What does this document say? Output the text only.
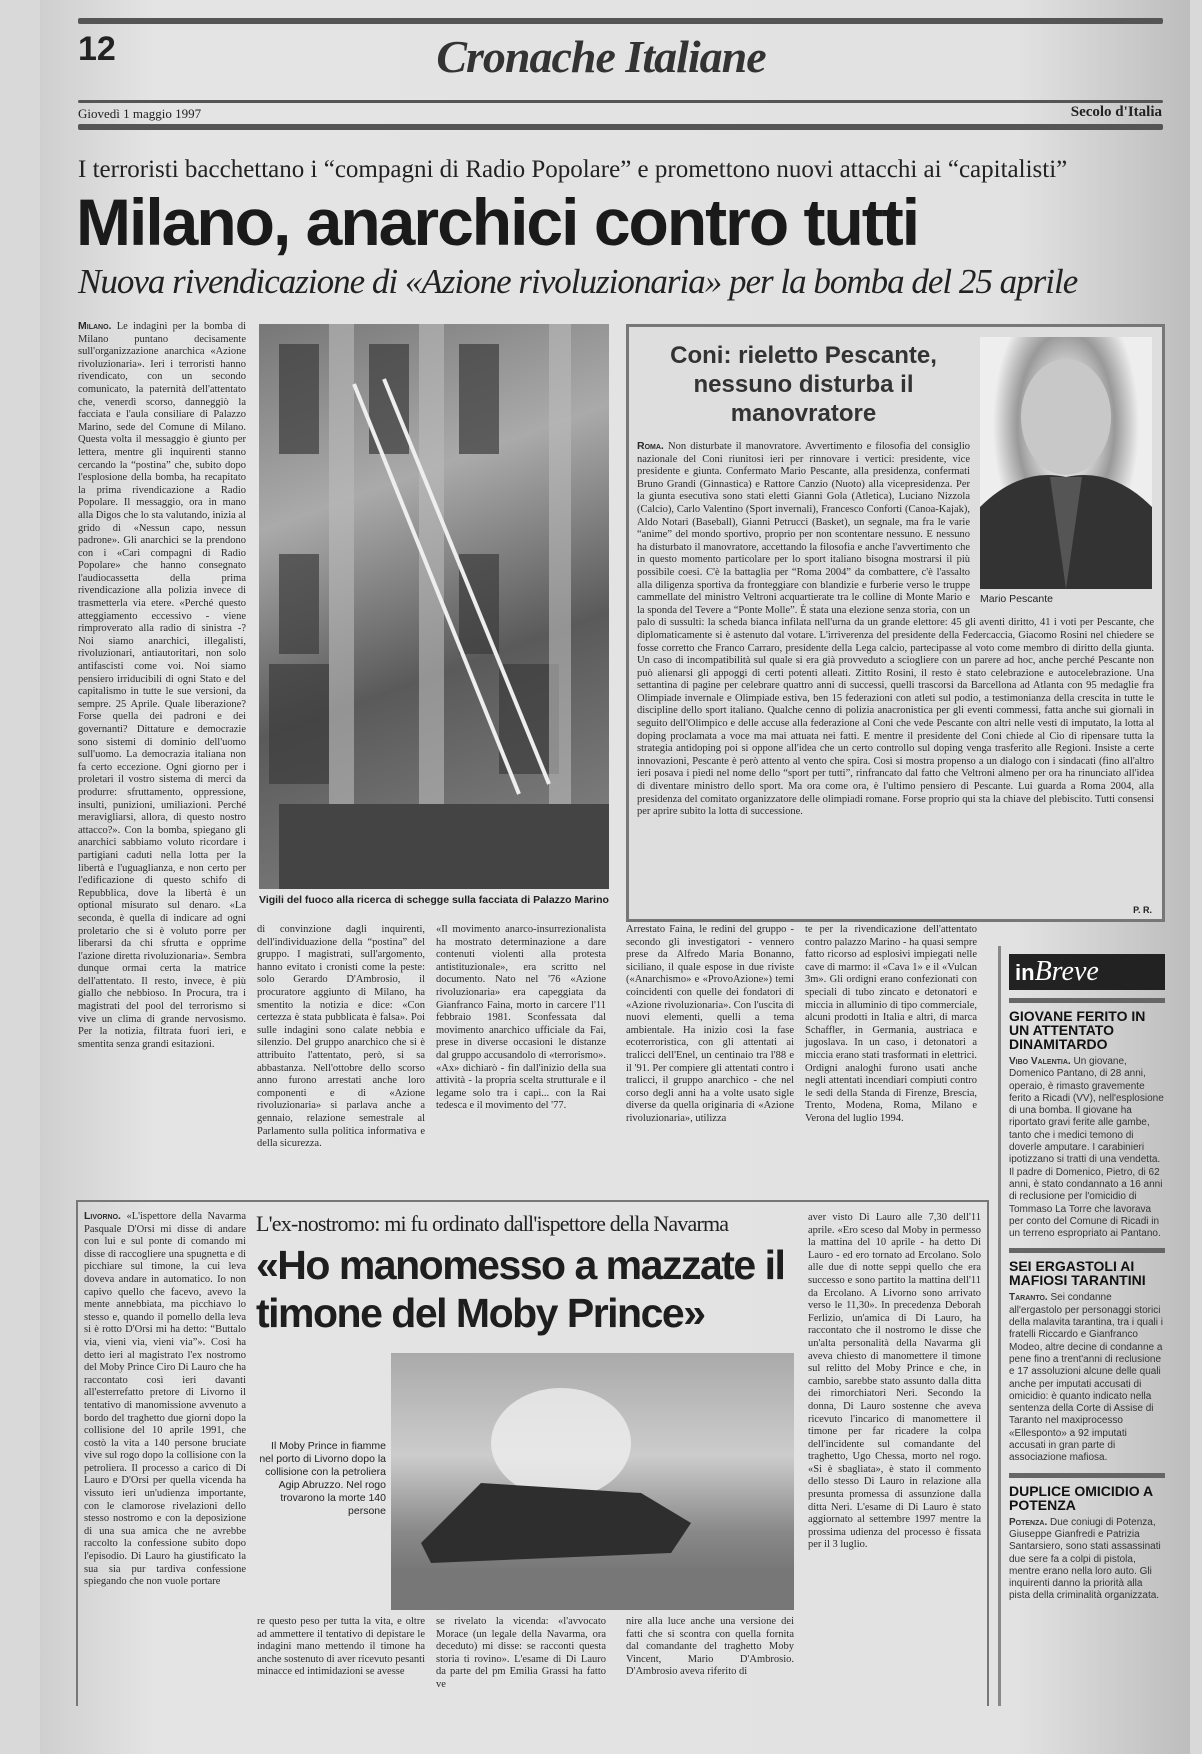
12	Cronache Italiane
Giovedì 1 maggio 1997	Secolo d'Italia
I terroristi bacchettano i “compagni di Radio Popolare” e promettono nuovi attacchi ai “capitalisti”
Milano, anarchici contro tutti
Nuova rivendicazione di «Azione rivoluzionaria» per la bomba del 25 aprile
Milano. Le indagini per la bomba di Milano puntano decisamente sull'organizzazione anarchica «Azione rivoluzionaria». Ieri i terroristi hanno rivendicato, con un secondo comunicato, la paternità dell'attentato che, venerdì scorso, danneggiò la facciata e l'aula consiliare di Palazzo Marino, sede del Comune di Milano. Questa volta il messaggio è giunto per lettera, mentre gli inquirenti stanno cercando la “postina” che, subito dopo l'esplosione della bomba, ha recapitato la prima rivendicazione a Radio Popolare. Il messaggio, ora in mano alla Digos che lo sta valutando, inizia al grido di «Nessun capo, nessun padrone». Gli anarchici se la prendono con i «Cari compagni di Radio Popolare» che hanno consegnato l'audiocassetta della prima rivendicazione alla polizia invece di trasmetterla via etere. «Perché questo atteggiamento eccessivo - viene rimproverato alla radio di sinistra -? Noi siamo anarchici, illegalisti, rivoluzionari, antiautoritari, non solo antifascisti come voi. Noi siamo pensiero irriducibili di ogni Stato e del capitalismo in tutte le sue versioni, da sempre. 25 Aprile. Quale liberazione? Forse quella dei padroni e dei governanti? Dittature e democrazie sono sistemi di dominio dell'uomo sull'uomo. La democrazia italiana non fa certo eccezione. Ogni giorno per i proletari il vostro sistema di merci da produrre: sfruttamento, oppressione, insulti, punizioni, umiliazioni. Perché meravigliarsi, allora, di questo nostro attacco?». Con la bomba, spiegano gli anarchici sabbiamo voluto ricordare i partigiani caduti nella lotta per la libertà e l'uguaglianza, e non certo per l'edificazione di questo schifo di Repubblica, dove la libertà è un optional misurato sul denaro. «La seconda, è quella di indicare ad ogni proletario che si è voluto porre per liberarsi da chi sfrutta e opprime l'azione diretta rivoluzionaria». Sembra dunque ormai certa la matrice dell'attentato. Il resto, invece, è più giallo che nebbioso. In Procura, tra i magistrati del pool del terrorismo si vive un clima di grande nervosismo. Per la notizia, filtrata fuori ieri, e smentita senza grandi esitazioni.
Vigili del fuoco alla ricerca di schegge sulla facciata di Palazzo Marino
di convinzione dagli inquirenti, dell'individuazione della “postina” del gruppo. I magistrati, sull'argomento, hanno evitato i cronisti come la peste: solo Gerardo D'Ambrosio, il procuratore aggiunto di Milano, ha smentito la notizia e dice: «Con certezza è stata pubblicata è falsa». Poi sulle indagini sono calate nebbia e silenzio. Del gruppo anarchico che si è attribuito l'attentato, però, si sa abbastanza. Nell'ottobre dello scorso anno furono arrestati anche loro componenti e di «Azione rivoluzionaria» si parlava anche a gennaio, relazione semestrale al Parlamento sulla politica informativa e della sicurezza.
«Il movimento anarco-insurrezionalista ha mostrato determinazione a dare contenuti violenti alla protesta antistituzionale», era scritto nel documento. Nato nel '76 «Azione rivoluzionaria» era capeggiata da Gianfranco Faina, morto in carcere l'11 febbraio 1981. Sconfessata dal movimento anarchico ufficiale da Fai, prese in diverse occasioni le distanze dal gruppo accusandolo di «terrorismo». «Ax» dichiarò - fin dall'inizio della sua attività - la propria scelta strutturale e il legame solo tra i capi... con la Rai tedesca e il movimento del '77.
Arrestato Faina, le redini del gruppo - secondo gli investigatori - vennero prese da Alfredo Maria Bonanno, siciliano, il quale espose in due riviste («Anarchismo» e «ProvoAzione») temi coincidenti con quelle dei fondatori di «Azione rivoluzionaria». Con l'uscita di nuovi elementi, quelli a tema ambientale. Ha inizio così la fase ecoterroristica, con gli attentati ai tralicci dell'Enel, un centinaio tra l'88 e il '91. Per compiere gli attentati contro i tralicci, il gruppo anarchico - che nel corso degli anni ha a volte usato sigle diverse da quella originaria di «Azione rivoluzionaria», utilizza
te per la rivendicazione dell'attentato contro palazzo Marino - ha quasi sempre fatto ricorso ad esplosivi impiegati nelle cave di marmo: il «Cava 1» e il «Vulcan 3m». Gli ordigni erano confezionati con speciali di tubo zincato e detonatori e miccia in alluminio di tipo commerciale, alcuni prodotti in Italia e altri, di marca Schaffler, in Germania, austriaca e jugoslava. In un caso, i detonatori a miccia erano stati trasformati in elettrici. Ordigni analoghi furono usati anche negli attentati incendiari compiuti contro le sedi della Standa di Firenze, Brescia, Trento, Modena, Roma, Milano e Verona del luglio 1994.
Mario Pescante
Coni: rieletto Pescante, nessuno disturba il manovratore
Roma. Non disturbate il manovratore. Avvertimento e filosofia del consiglio nazionale del Coni riunitosi ieri per rinnovare i vertici: presidente, vice presidente e giunta. Confermato Mario Pescante, alla presidenza, confermati Bruno Grandi (Ginnastica) e Rattore Canzio (Nuoto) alla vicepresidenza. Per la giunta esecutiva sono stati eletti Gianni Gola (Atletica), Luciano Nizzola (Calcio), Carlo Valentino (Sport invernali), Francesco Conforti (Canoa-Kajak), Aldo Notari (Baseball), Gianni Petrucci (Basket), un segnale, ma fra le varie “anime” del mondo sportivo, proprio per non scontentare nessuno. E nessuno ha disturbato il manovratore, accettando la filosofia e anche l'avvertimento che in questo momento particolare per lo sport italiano bisogna mostrarsi il più possibile coesi. C'è la battaglia per “Roma 2004” da combattere, c'è l'assalto alla diligenza sportiva da fronteggiare con blandizie e furberie verso le truppe cammellate del ministro Veltroni acquartierate tra le colline di Monte Mario e la sponda del Tevere a “Ponte Molle”. È stata una elezione senza storia, con un palo di sussulti: la scheda bianca infilata nell'urna da un grande elettore: 45 gli aventi diritto, 41 i voti per Pescante, che diplomaticamente si è astenuto dal votare. L'irriverenza del presidente della Federcaccia, Giacomo Rosini nel chiedere se fosse corretto che Franco Carraro, presidente della Lega calcio, partecipasse al voto come membro di diritto della giunta. Un caso di incompatibilità sul quale si era già provveduto a sciogliere con un parere ad hoc, anche perché Pescante non può alienarsi gli appoggi di certi potenti alleati. Zittito Rosini, il resto è stato celebrazione e autocelebrazione. Una settantina di pagine per celebrare quattro anni di successi, quelli trascorsi da Barcellona ad Atlanta con 95 medaglie fra Olimpiade invernale e Olimpiade estiva, ben 15 federazioni con atleti sul podio, a testimonianza della crescita in tutte le discipline dello sport italiano. Qualche cenno di polizia anacronistica per gli eventi commessi, fatta anche sui giornali in seguito dell'Olimpico e delle accuse alla federazione al Coni che vede Pescante con altri nelle vesti di imputato, la lotta al doping proclamata a voce ma mai attuata nei fatti. E mentre il presidente del Coni chiede al Cio di ripensare tutta la strategia antidoping poi si oppone all'idea che un certo controllo sul doping venga trasferito alle Regioni. Insiste a certe innovazioni, Pescante è però attento al vento che spira. Così si mostra propenso a un dialogo con i sindacati (fino all'altro ieri posava i piedi nel nome dello “sport per tutti”, rinfrancato dal fatto che Veltroni almeno per ora ha rinunciato all'idea di diventare ministro dello sport. Ma ora come ora, è l'ultimo pensiero di Pescante. Lui guarda a Roma 2004, alla presidenza del comitato organizzatore delle olimpiadi romane. Forse proprio qui sta la chiave del plebiscito. Tutti consensi per aprire subito la lotta di successione.
P. R.
inBreve
GIOVANE FERITO IN UN ATTENTATO DINAMITARDO
Vibo Valentia. Un giovane, Domenico Pantano, di 28 anni, operaio, è rimasto gravemente ferito a Ricadi (VV), nell'esplosione di una bomba. Il giovane ha riportato gravi ferite alle gambe, tanto che i medici temono di doverle amputare. I carabinieri ipotizzano si tratti di una vendetta. Il padre di Domenico, Pietro, di 62 anni, è stato condannato a 16 anni di reclusione per l'omicidio di Tommaso La Torre che lavorava per conto del Comune di Ricadi in un terreno espropriato ai Pantano.
SEI ERGASTOLI AI MAFIOSI TARANTINI
Taranto. Sei condanne all'ergastolo per personaggi storici della malavita tarantina, tra i quali i fratelli Riccardo e Gianfranco Modeo, altre decine di condanne a pene fino a trent'anni di reclusione e 17 assoluzioni alcune delle quali anche per imputati accusati di omicidio: è quanto indicato nella sentenza della Corte di Assise di Taranto nel maxiprocesso «Ellesponto» a 92 imputati accusati in gran parte di associazione mafiosa.
DUPLICE OMICIDIO A POTENZA
Potenza. Due coniugi di Potenza, Giuseppe Gianfredi e Patrizia Santarsiero, sono stati assassinati due sere fa a colpi di pistola, mentre erano nella loro auto. Gli inquirenti danno la priorità alla pista della criminalità organizzata.
Livorno. «L'ispettore della Navarma Pasquale D'Orsi mi disse di andare con lui e sul ponte di comando mi disse di raccogliere una spugnetta e di picchiare sul timone, la cui leva doveva andare in automatico. Io non capivo quello che facevo, avevo la mente annebbiata, ma picchiavo lo stesso e, quando il pomello della leva si è rotto D'Orsi mi ha detto: “Buttalo via, vieni via, vieni via”». Così ha detto ieri al magistrato l'ex nostromo del Moby Prince Ciro Di Lauro che ha raccontato così ieri davanti all'esterrefatto pretore di Livorno il tentativo di manomissione avvenuto a bordo del traghetto due giorni dopo la collisione del 10 aprile 1991, che costò la vita a 140 persone bruciate vive sul rogo dopo la collisione con la petroliera. Il processo a carico di Di Lauro e D'Orsi per quella vicenda ha vissuto ieri un'udienza importante, con le clamorose rivelazioni dello stesso nostromo e con la deposizione di una sua amica che ne avrebbe raccolto la confessione subito dopo l'episodio. Di Lauro ha giustificato la sua sia pur tardiva confessione spiegando che non vuole portare
L'ex-nostromo: mi fu ordinato dall'ispettore della Navarma
«Ho manomesso a mazzate il timone del Moby Prince»
Il Moby Prince in fiamme nel porto di Livorno dopo la collisione con la petroliera Agip Abruzzo. Nel rogo trovarono la morte 140 persone
re questo peso per tutta la vita, e oltre ad ammettere il tentativo di depistare le indagini mano mettendo il timone ha anche sostenuto di aver ricevuto pesanti minacce ed intimidazioni se avesse
se rivelato la vicenda: «l'avvocato Morace (un legale della Navarma, ora deceduto) mi disse: se racconti questa storia ti rovino». L'esame di Di Lauro da parte del pm Emilia Grassi ha fatto ve
nire alla luce anche una versione dei fatti che si scontra con quella fornita dal comandante del traghetto Moby Vincent, Mario D'Ambrosio. D'Ambrosio aveva riferito di
aver visto Di Lauro alle 7,30 dell'11 aprile. «Ero sceso dal Moby in permesso la mattina del 10 aprile - ha detto Di Lauro - ed ero tornato ad Ercolano. Solo alle due di notte seppi quello che era successo e sono partito la mattina dell'11 da Ercolano. A Livorno sono arrivato verso le 11,30». In precedenza Deborah Ferlizio, un'amica di Di Lauro, ha raccontato che il nostromo le disse che un'alta personalità della Navarma gli aveva chiesto di manomettere il timone sul relitto del Moby Prince e che, in cambio, sarebbe stato assunto dalla ditta dei rimorchiatori Neri. Secondo la donna, Di Lauro sostenne che aveva ricevuto l'incarico di manomettere il timone per far ricadere la colpa dell'incidente sul comandante del traghetto, Ugo Chessa, morto nel rogo. «Si è sbagliata», è stato il commento dello stesso Di Lauro in relazione alla presunta promessa di assunzione dalla ditta Neri. L'esame di Di Lauro è stato aggiornato al settembre 1997 mentre la prossima udienza del processo è fissata per il 3 luglio.
